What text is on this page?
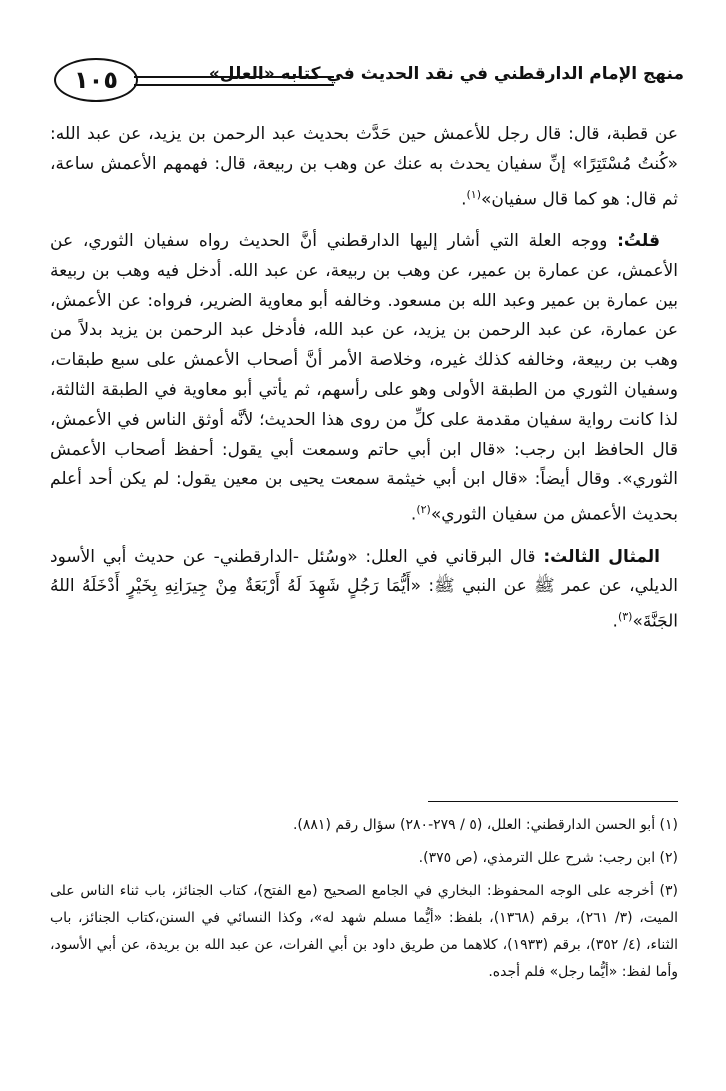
منهج الإمام الدارقطني في نقد الحديث في كتابه «العلل»
١٠٥

عن قطبة، قال: قال رجل للأعمش حين حَدَّث بحديث عبد الرحمن بن يزيد، عن عبد الله: «كُنتُ مُسْتَتِرًا» إنِّ سفيان يحدث به عنك عن وهب بن ربيعة، قال: فهمهم الأعمش ساعة، ثم قال: هو كما قال سفيان»$^{(١)}$.

قلتُ: ووجه العلة التي أشار إليها الدارقطني أنَّ الحديث رواه سفيان الثوري، عن الأعمش، عن عمارة بن عمير، عن وهب بن ربيعة، عن عبد الله. أدخل فيه وهب بن ربيعة بين عمارة بن عمير وعبد الله بن مسعود. وخالفه أبو معاوية الضرير، فرواه: عن الأعمش، عن عمارة، عن عبد الرحمن بن يزيد، عن عبد الله، فأدخل عبد الرحمن بن يزيد بدلاً من وهب بن ربيعة، وخالفه كذلك غيره، وخلاصة الأمر أنَّ أصحاب الأعمش على سبع طبقات، وسفيان الثوري من الطبقة الأولى وهو على رأسهم، ثم يأتي أبو معاوية في الطبقة الثالثة، لذا كانت رواية سفيان مقدمة على كلِّ من روى هذا الحديث؛ لأنَّه أوثق الناس في الأعمش، قال الحافظ ابن رجب: «قال ابن أبي حاتم وسمعت أبي يقول: أحفظ أصحاب الأعمش الثوري». وقال أيضاً: «قال ابن أبي خيثمة سمعت يحيى بن معين يقول: لم يكن أحد أعلم بحديث الأعمش من سفيان الثوري»$^{(٢)}$.

المثال الثالث: قال البرقاني في العلل: «وسُئل -الدارقطني- عن حديث أبي الأسود الديلي، عن عمر ﷺ عن النبي ﷺ: «أَيُّمَا رَجُلٍ شَهِدَ لَهُ أَرْبَعَةٌ مِنْ جِيرَانِهِ بِخَيْرٍ أَدْخَلَهُ اللهُ الجَنَّةَ»$^{(٣)}$.

(١) أبو الحسن الدارقطني: العلل، (٥ / ٢٧٩-٢٨٠) سؤال رقم (٨٨١).

(٢) ابن رجب: شرح علل الترمذي، (ص ٣٧٥).

(٣) أخرجه على الوجه المحفوظ: البخاري في الجامع الصحيح (مع الفتح)، كتاب الجنائز، باب ثناء الناس على الميت، (٣/ ٢٦١)، برقم (١٣٦٨)، بلفظ: «أيُّما مسلم شهد له»، وكذا النسائي في السنن،كتاب الجنائز، باب الثناء، (٤/ ٣٥٢)، برقم (١٩٣٣)، كلاهما من طريق داود بن أبي الفرات، عن عبد الله بن بريدة، عن أبي الأسود، وأما لفظ: «أيُّما رجل» فلم أجده.
